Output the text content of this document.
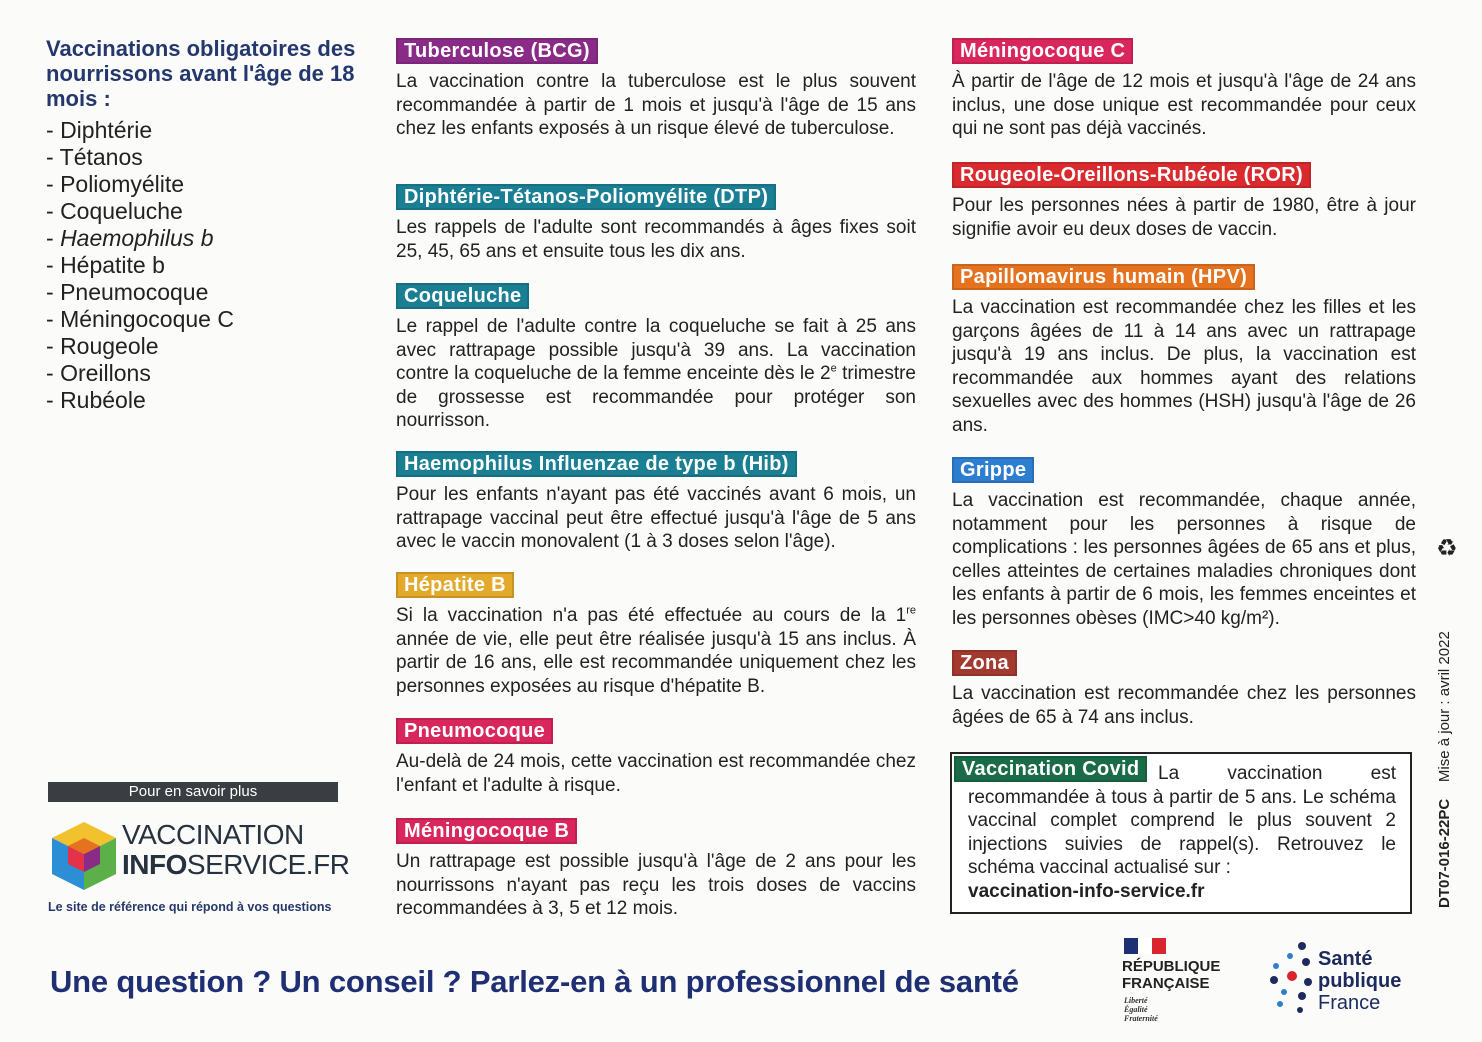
Vaccinations obligatoires des nourrissons avant l'âge de 18 mois :
- Diphtérie
- Tétanos
- Poliomyélite
- Coqueluche
- Haemophilus b
- Hépatite b
- Pneumocoque
- Méningocoque C
- Rougeole
- Oreillons
- Rubéole
Tuberculose (BCG)
La vaccination contre la tuberculose est le plus souvent recommandée à partir de 1 mois et jusqu'à l'âge de 15 ans chez les enfants exposés à un risque élevé de tuberculose.
Diphtérie-Tétanos-Poliomyélite (DTP)
Les rappels de l'adulte sont recommandés à âges fixes soit 25, 45, 65 ans et ensuite tous les dix ans.
Coqueluche
Le rappel de l'adulte contre la coqueluche se fait à 25 ans avec rattrapage possible jusqu'à 39 ans. La vaccination contre la coqueluche de la femme enceinte dès le 2e trimestre de grossesse est recommandée pour protéger son nourrisson.
Haemophilus Influenzae de type b (Hib)
Pour les enfants n'ayant pas été vaccinés avant 6 mois, un rattrapage vaccinal peut être effectué jusqu'à l'âge de 5 ans avec le vaccin monovalent (1 à 3 doses selon l'âge).
Hépatite B
Si la vaccination n'a pas été effectuée au cours de la 1re année de vie, elle peut être réalisée jusqu'à 15 ans inclus. À partir de 16 ans, elle est recommandée uniquement chez les personnes exposées au risque d'hépatite B.
Pneumocoque
Au-delà de 24 mois, cette vaccination est recommandée chez l'enfant et l'adulte à risque.
Méningocoque B
Un rattrapage est possible jusqu'à l'âge de 2 ans pour les nourrissons n'ayant pas reçu les trois doses de vaccins recommandées à 3, 5 et 12 mois.
Méningocoque C
À partir de l'âge de 12 mois et jusqu'à l'âge de 24 ans inclus, une dose unique est recommandée pour ceux qui ne sont pas déjà vaccinés.
Rougeole-Oreillons-Rubéole (ROR)
Pour les personnes nées à partir de 1980, être à jour signifie avoir eu deux doses de vaccin.
Papillomavirus humain (HPV)
La vaccination est recommandée chez les filles et les garçons âgées de 11 à 14 ans avec un rattrapage jusqu'à 19 ans inclus. De plus, la vaccination est recommandée aux hommes ayant des relations sexuelles avec des hommes (HSH) jusqu'à l'âge de 26 ans.
Grippe
La vaccination est recommandée, chaque année, notamment pour les personnes à risque de complications : les personnes âgées de 65 ans et plus, celles atteintes de certaines maladies chroniques dont les enfants à partir de 6 mois, les femmes enceintes et les personnes obèses (IMC>40 kg/m²).
Zona
La vaccination est recommandée chez les personnes âgées de 65 à 74 ans inclus.
La vaccination est recommandée à tous à partir de 5 ans. Le schéma vaccinal complet comprend le plus souvent 2 injections suivies de rappel(s). Retrouvez le schéma vaccinal actualisé sur :
vaccination-info-service.fr
Vaccination Covid
Pour en savoir plus
VACCINATION
INFOSERVICE.FR
Le site de référence qui répond à vos questions
Une question ? Un conseil ? Parlez-en à un professionnel de santé	RÉPUBLIQUE
FRANÇAISE
Liberté
Égalité
Fraternité
Santé
publique
France
♻
DT07-016-22PC    Mise à jour : avril 2022
